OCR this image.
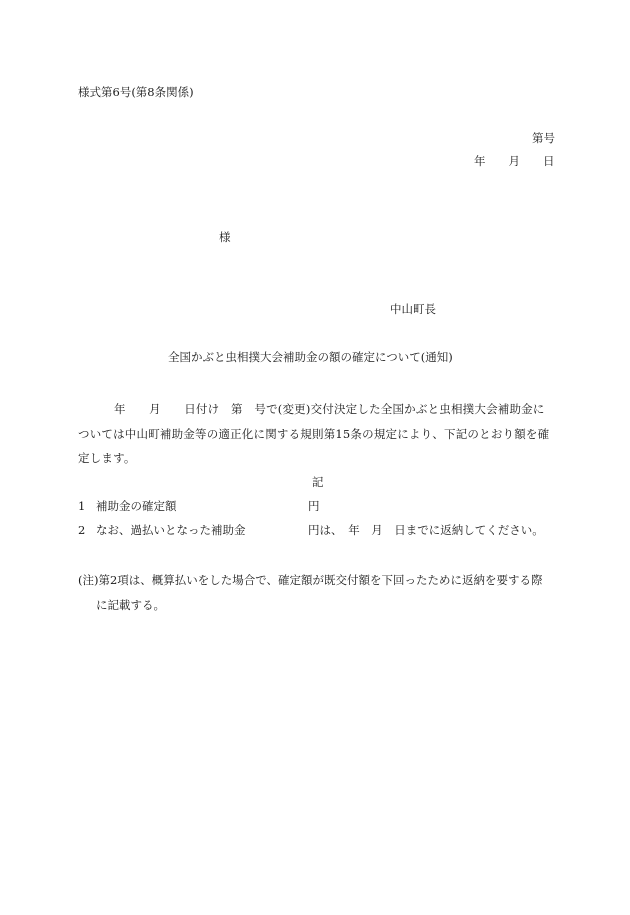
様式第6号(第8条関係)
第号
年　　月　　日
様
中山町長
全国かぶと虫相撲大会補助金の額の確定について(通知)
年　　月　　日付け　第　号で(変更)交付決定した全国かぶと虫相撲大会補助金に
ついては中山町補助金等の適正化に関する規則第15条の規定により、下記のとおり額を確
定します。
記
1 補助金の確定額	円
2 なお、過払いとなった補助金	円は、　年　月　日までに返納してください。
(注)第2項は、概算払いをした場合で、確定額が既交付額を下回ったために返納を要する際
に記載する。
